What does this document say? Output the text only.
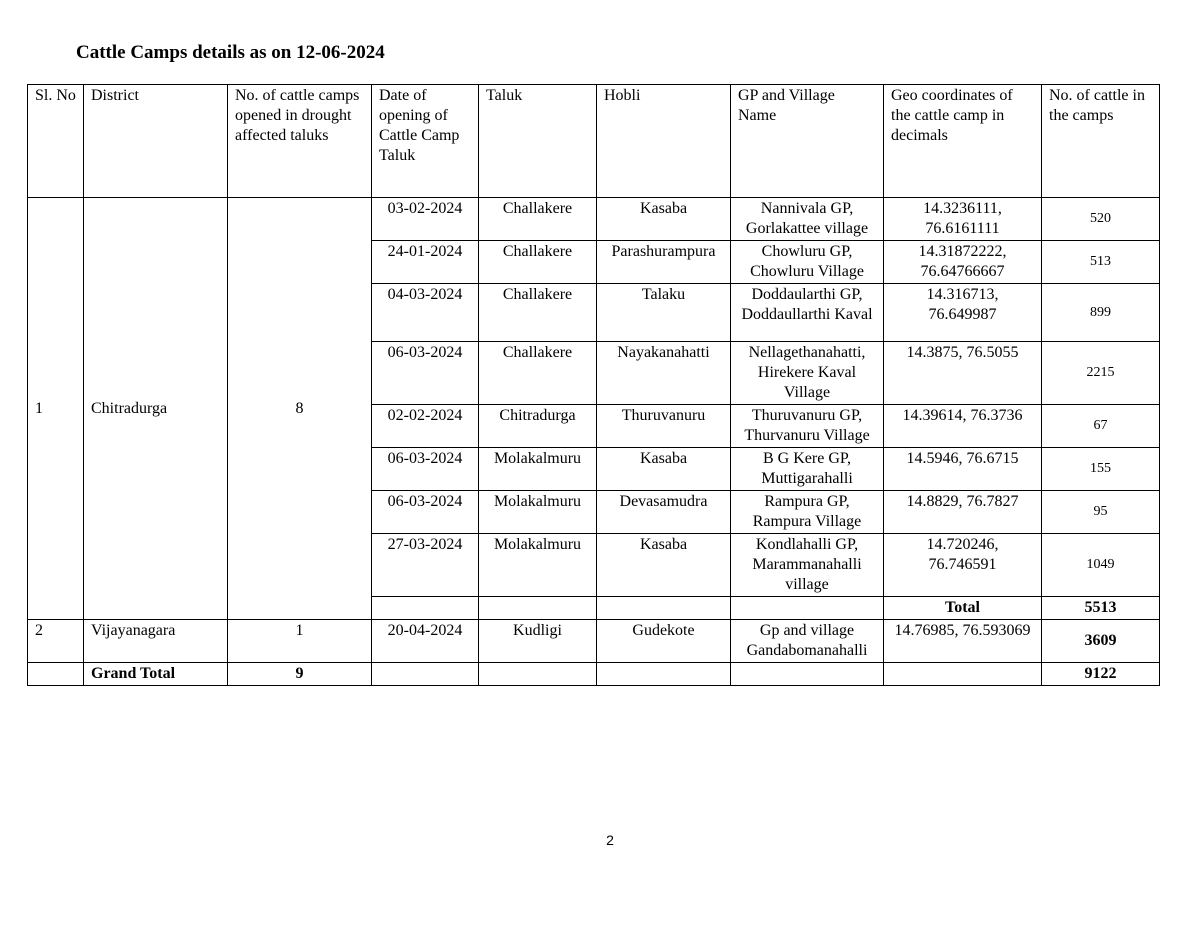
Cattle Camps details as on 12-06-2024
Sl. No	District	No. of cattle camps opened in drought affected taluks	Date of opening of Cattle Camp Taluk	Taluk	Hobli	GP and Village Name	Geo coordinates of the cattle camp in decimals	No. of cattle in the camps
1	Chitradurga	8	03-02-2024	Challakere	Kasaba	Nannivala GP, Gorlakattee village	14.3236111, 76.6161111	520
			24-01-2024	Challakere	Parashurampura	Chowluru GP, Chowluru Village	14.31872222, 76.64766667	513
			04-03-2024	Challakere	Talaku	Doddaularthi GP, Doddaullarthi Kaval	14.316713, 76.649987	899
			06-03-2024	Challakere	Nayakanahatti	Nellagethanahatti, Hirekere Kaval Village	14.3875, 76.5055	2215
			02-02-2024	Chitradurga	Thuruvanuru	Thuruvanuru GP, Thurvanuru Village	14.39614, 76.3736	67
			06-03-2024	Molakalmuru	Kasaba	B G Kere GP, Muttigarahalli	14.5946, 76.6715	155
			06-03-2024	Molakalmuru	Devasamudra	Rampura GP, Rampura Village	14.8829, 76.7827	95
			27-03-2024	Molakalmuru	Kasaba	Kondlahalli GP, Marammanahalli village	14.720246, 76.746591	1049
							Total	5513
2	Vijayanagara	1	20-04-2024	Kudligi	Gudekote	Gp and village Gandabomanahalli	14.76985, 76.593069	3609
	Grand Total	9						9122
2
